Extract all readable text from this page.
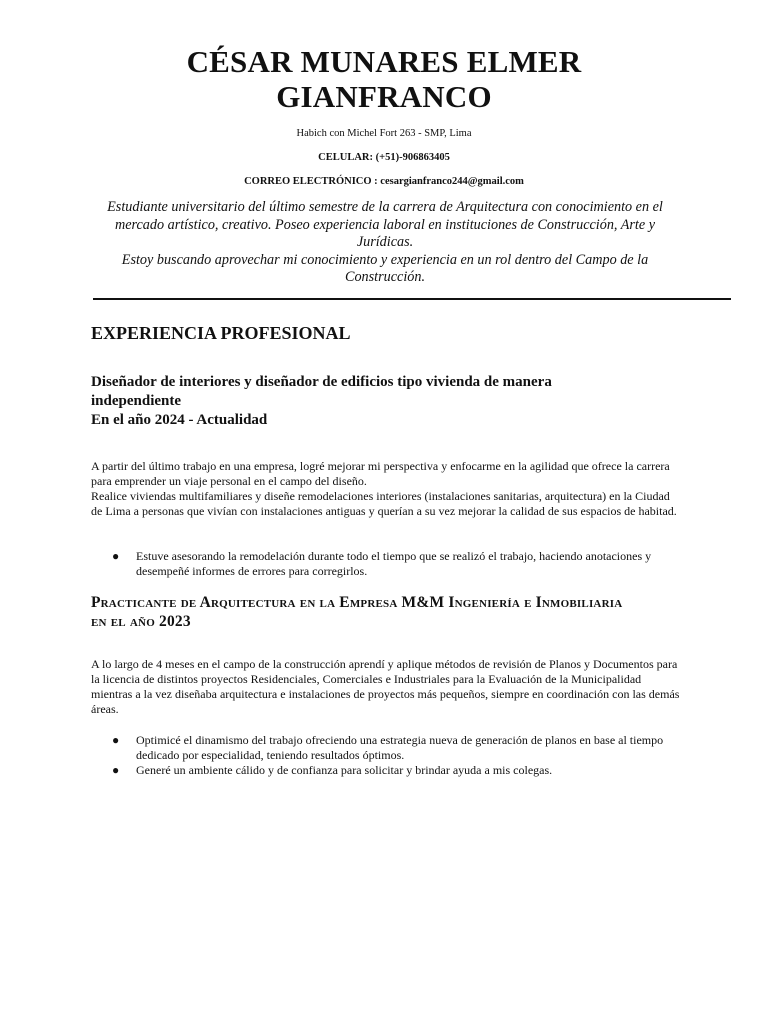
CÉSAR MUNARES ELMER
GIANFRANCO
Habich con Michel Fort 263 - SMP, Lima
CELULAR: (+51)-906863405
CORREO ELECTRÓNICO : cesargianfranco244@gmail.com

Estudiante universitario del último semestre de la carrera de Arquitectura con conocimiento en el mercado artístico, creativo. Poseo experiencia laboral en instituciones de Construcción, Arte y Jurídicas.

Estoy buscando aprovechar mi conocimiento y experiencia en un rol dentro del Campo de la Construcción.

EXPERIENCIA PROFESIONAL
Diseñador de interiores y diseñador de edificios tipo vivienda de manera
independiente
En el año 2024 - Actualidad
A partir del último trabajo en una empresa, logré mejorar mi perspectiva y enfocarme en la agilidad que ofrece la carrera para emprender un viaje personal en el campo del diseño.
Realice viviendas multifamiliares y diseñe remodelaciones interiores (instalaciones sanitarias, arquitectura) en la Ciudad de Lima a personas que vivían con instalaciones antiguas y querían a su vez mejorar la calidad de sus espacios de habitad.
● Estuve asesorando la remodelación durante todo el tiempo que se realizó el trabajo, haciendo anotaciones y desempeñé informes de errores para corregirlos.
Practicante de Arquitectura en la Empresa M&M Ingeniería e Inmobiliaria
en el año 2023

A lo largo de 4 meses en el campo de la construcción aprendí y aplique métodos de revisión de Planos y Documentos para la licencia de distintos proyectos Residenciales, Comerciales e Industriales para la Evaluación de la Municipalidad mientras a la vez diseñaba arquitectura e instalaciones de proyectos más pequeños, siempre en coordinación con las demás áreas.

● Optimicé el dinamismo del trabajo ofreciendo una estrategia nueva de generación de planos en base al tiempo dedicado por especialidad, teniendo resultados óptimos.
● Generé un ambiente cálido y de confianza para solicitar y brindar ayuda a mis colegas.
